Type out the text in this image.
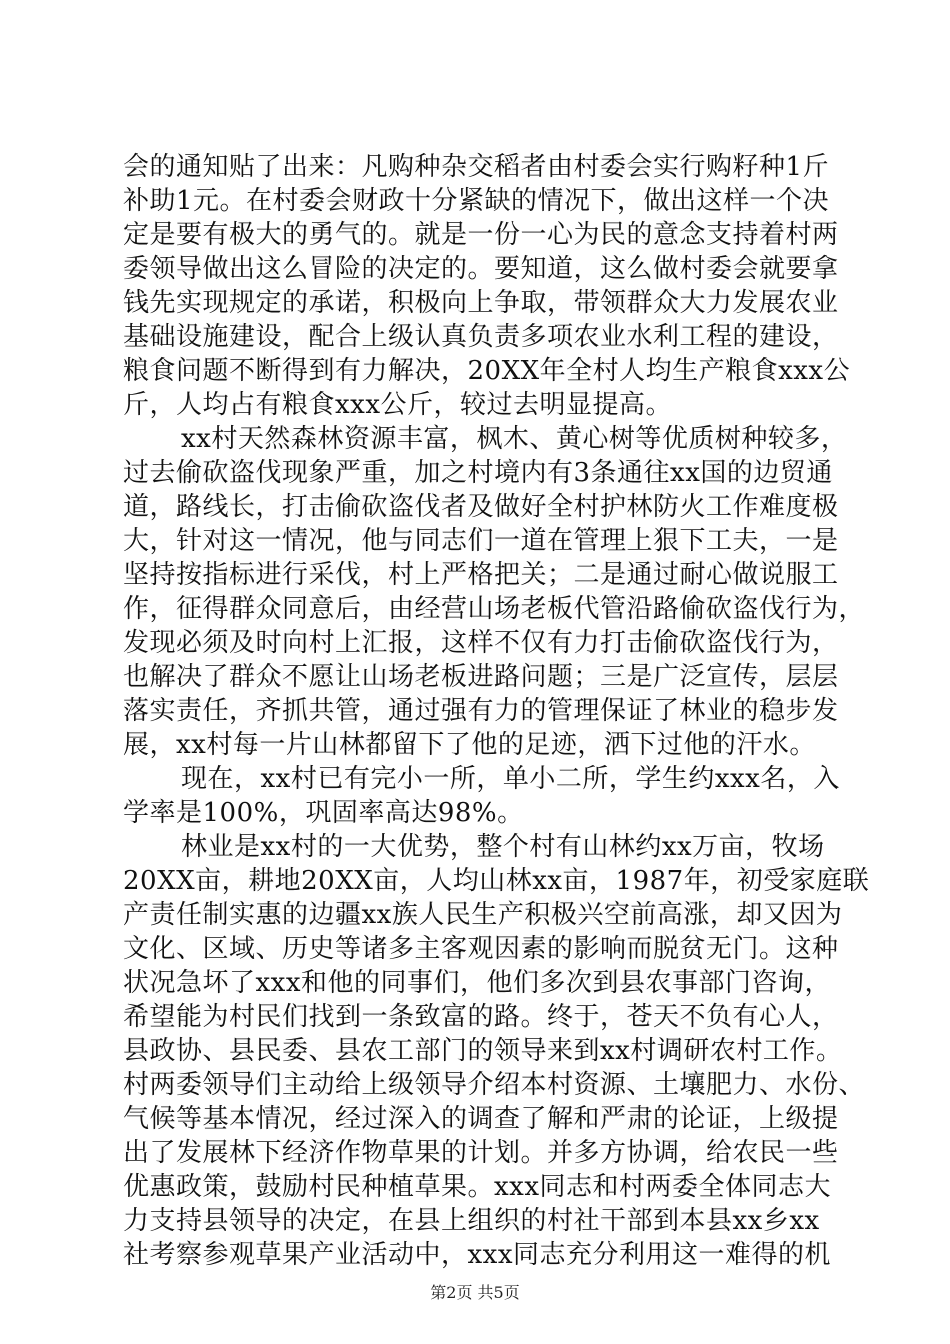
会的通知贴了出来：凡购种杂交稻者由村委会实行购籽种1斤
补助1元。在村委会财政十分紧缺的情况下，做出这样一个决
定是要有极大的勇气的。就是一份一心为民的意念支持着村两
委领导做出这么冒险的决定的。要知道，这么做村委会就要拿
钱先实现规定的承诺，积极向上争取，带领群众大力发展农业
基础设施建设，配合上级认真负责多项农业水利工程的建设，
粮食问题不断得到有力解决，20XX年全村人均生产粮食xxx公
斤，人均占有粮食xxx公斤，较过去明显提高。
xx村天然森林资源丰富，枫木、黄心树等优质树种较多，
过去偷砍盗伐现象严重，加之村境内有3条通往xx国的边贸通
道，路线长，打击偷砍盗伐者及做好全村护林防火工作难度极
大，针对这一情况，他与同志们一道在管理上狠下工夫，一是
坚持按指标进行采伐，村上严格把关；二是通过耐心做说服工
作，征得群众同意后，由经营山场老板代管沿路偷砍盗伐行为，
发现必须及时向村上汇报，这样不仅有力打击偷砍盗伐行为，
也解决了群众不愿让山场老板进路问题；三是广泛宣传，层层
落实责任，齐抓共管，通过强有力的管理保证了林业的稳步发
展，xx村每一片山林都留下了他的足迹，洒下过他的汗水。
现在，xx村已有完小一所，单小二所，学生约xxx名，入
学率是100%，巩固率高达98%。
林业是xx村的一大优势，整个村有山林约xx万亩，牧场
20XX亩，耕地20XX亩，人均山林xx亩，1987年，初受家庭联
产责任制实惠的边疆xx族人民生产积极兴空前高涨，却又因为
文化、区域、历史等诸多主客观因素的影响而脱贫无门。这种
状况急坏了xxx和他的同事们，他们多次到县农事部门咨询，
希望能为村民们找到一条致富的路。终于，苍天不负有心人，
县政协、县民委、县农工部门的领导来到xx村调研农村工作。
村两委领导们主动给上级领导介绍本村资源、土壤肥力、水份、
气候等基本情况，经过深入的调查了解和严肃的论证，上级提
出了发展林下经济作物草果的计划。并多方协调，给农民一些
优惠政策，鼓励村民种植草果。xxx同志和村两委全体同志大
力支持县领导的决定，在县上组织的村社干部到本县xx乡xx
社考察参观草果产业活动中，xxx同志充分利用这一难得的机
第2页 共5页
